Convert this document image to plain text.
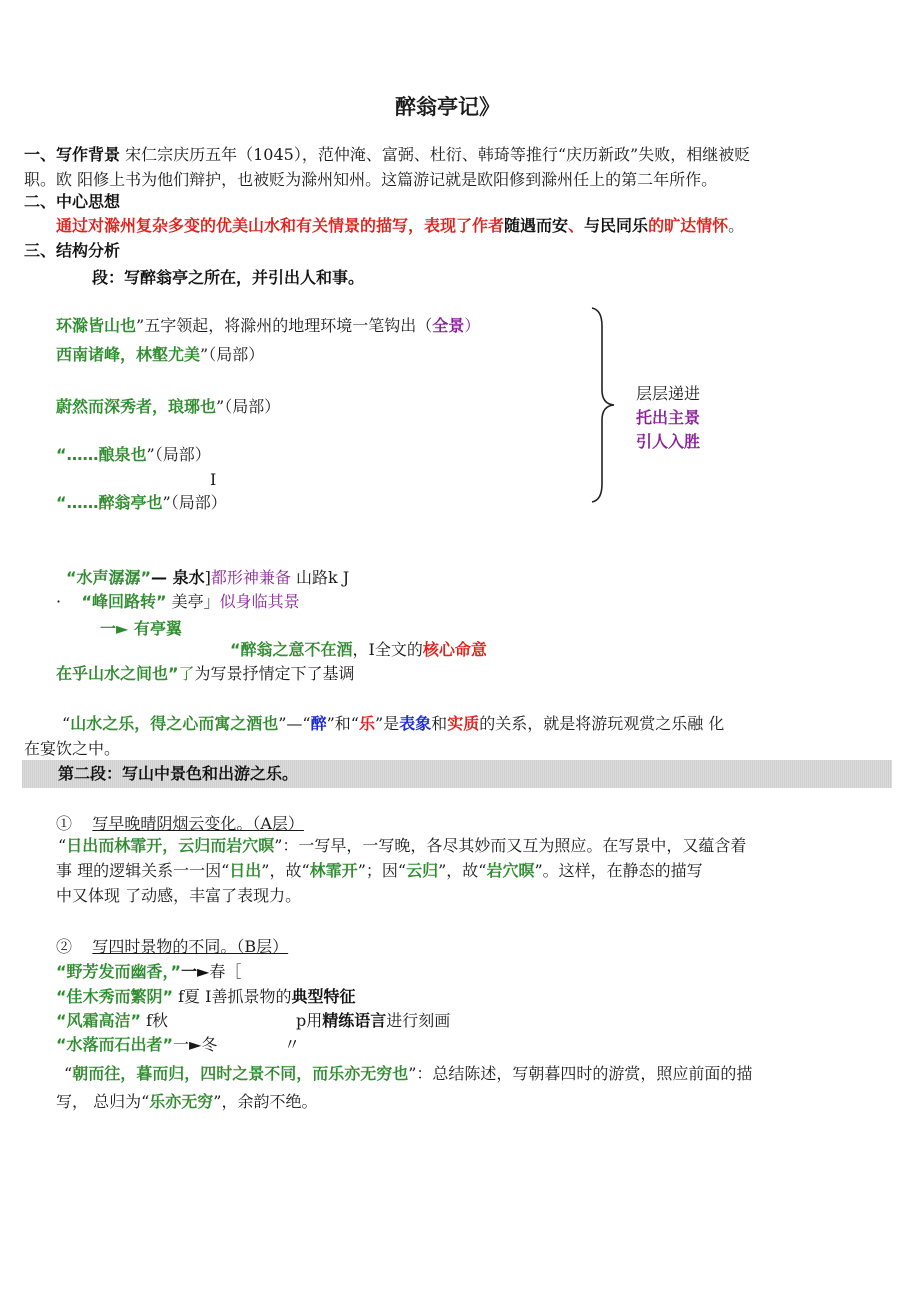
醉翁亭记》
一、写作背景 宋仁宗庆历五年（1045），范仲淹、富弼、杜衍、韩琦等推行“庆历新政”失败，相继被贬
职。欧 阳修上书为他们辩护，也被贬为滁州知州。这篇游记就是欧阳修到滁州任上的第二年所作。
二、中心思想
通过对滁州复杂多变的优美山水和有关情景的描写，表现了作者随遇而安、与民同乐的旷达情怀。
三、结构分析
段：写醉翁亭之所在，并引出人和事。
环滁皆山也”五字领起，将滁州的地理环境一笔钩出（全景）
西南诸峰，林壑尤美”（局部）
蔚然而深秀者，琅琊也”（局部）
“……酿泉也”（局部）
I
“……醉翁亭也”（局部）
层层递进
托出主景
引人入胜
“水声潺潺”— 泉水]都形神兼备 山路k J
· “峰回路转” 美亭」似身临其景
一► 有亭翼
“醉翁之意不在酒，I全文的核心命意
在乎山水之间也”了为写景抒情定下了基调
“山水之乐，得之心而寓之酒也”—“醉”和“乐”是表象和实质的关系，就是将游玩观赏之乐融 化
在宴饮之中。
第二段：写山中景色和出游之乐。
① 写早晚晴阴烟云变化。（A层）
“日出而林霏开，云归而岩穴暝”：一写早，一写晚，各尽其妙而又互为照应。在写景中，又蕴含着
事 理的逻辑关系一一因“日出”，故“林霏开”；因“云归”，故“岩穴暝”。这样，在静态的描写
中又体现 了动感，丰富了表现力。
② 写四时景物的不同。（B层）
“野芳发而幽香，”一►春［
“佳木秀而繁阴” f夏 I善抓景物的典型特征
“风霜高洁” f秋	p用精练语言进行刻画
“水落而石出者”一►冬	〃
“朝而往，暮而归，四时之景不同，而乐亦无穷也”：总结陈述，写朝暮四时的游赏，照应前面的描
写， 总归为“乐亦无穷”，余韵不绝。
